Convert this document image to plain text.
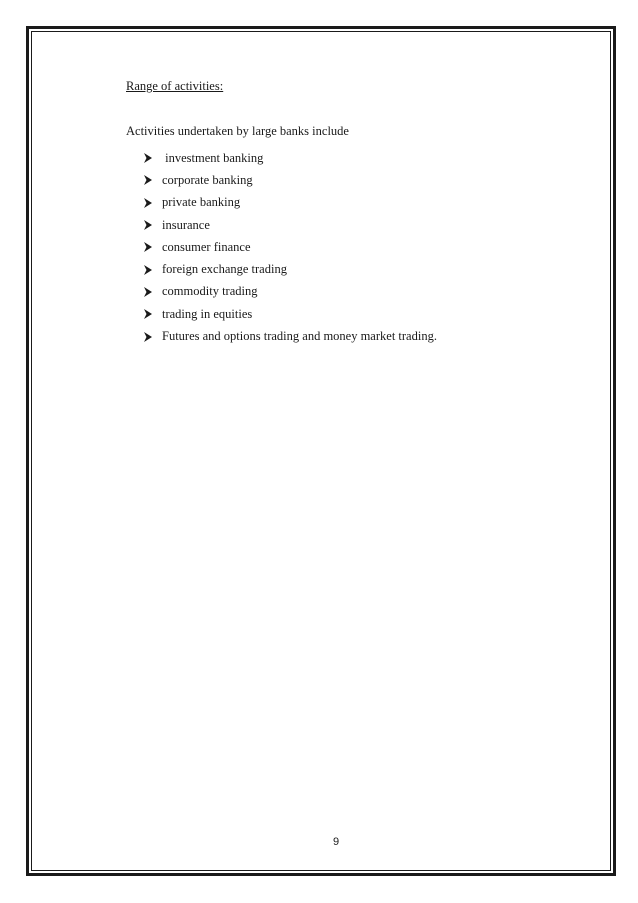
Range of activities:
Activities undertaken by large banks include
investment banking
corporate banking
private banking
insurance
consumer finance
foreign exchange trading
commodity trading
trading in equities
Futures and options trading and money market trading.
9
